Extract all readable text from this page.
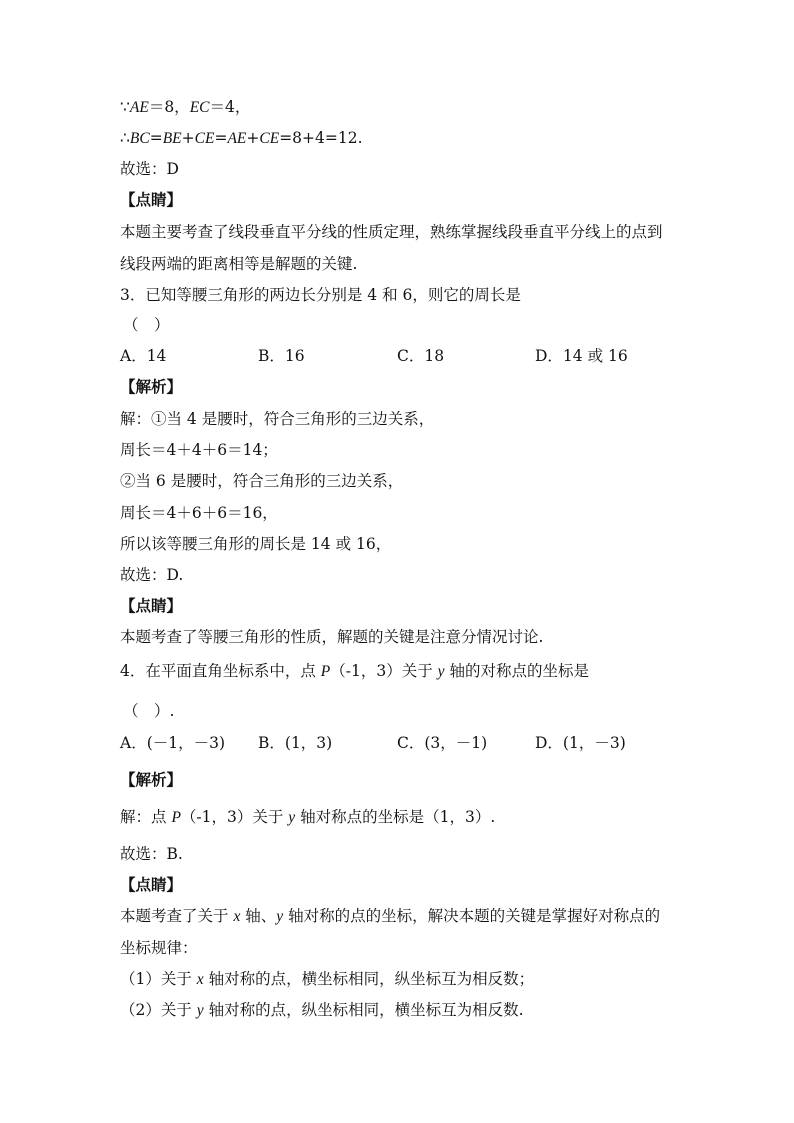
∵AE＝8，EC＝4，
∴BC=BE+CE=AE+CE=8+4=12.
故选：D
【点睛】
本题主要考查了线段垂直平分线的性质定理，熟练掌握线段垂直平分线上的点到
线段两端的距离相等是解题的关键.
3．已知等腰三角形的两边长分别是 4 和 6，则它的周长是
（　）
A．14	B．16	C．18	D．14 或 16
【解析】
解：①当 4 是腰时，符合三角形的三边关系，
周长＝4＋4＋6＝14；
②当 6 是腰时，符合三角形的三边关系，
周长＝4＋6＋6＝16，
所以该等腰三角形的周长是 14 或 16，
故选：D.
【点睛】
本题考查了等腰三角形的性质，解题的关键是注意分情况讨论.
4．在平面直角坐标系中，点 P（-1，3）关于 y 轴的对称点的坐标是
（　）.
A．(－1，－3) B．(1，3)	C．(3，－1)	D．(1，－3)
【解析】
解：点 P（-1，3）关于 y 轴对称点的坐标是（1，3）.
故选：B.
【点睛】
本题考查了关于 x 轴、y 轴对称的点的坐标，解决本题的关键是掌握好对称点的
坐标规律：
（1）关于 x 轴对称的点，横坐标相同，纵坐标互为相反数；
（2）关于 y 轴对称的点，纵坐标相同，横坐标互为相反数.
